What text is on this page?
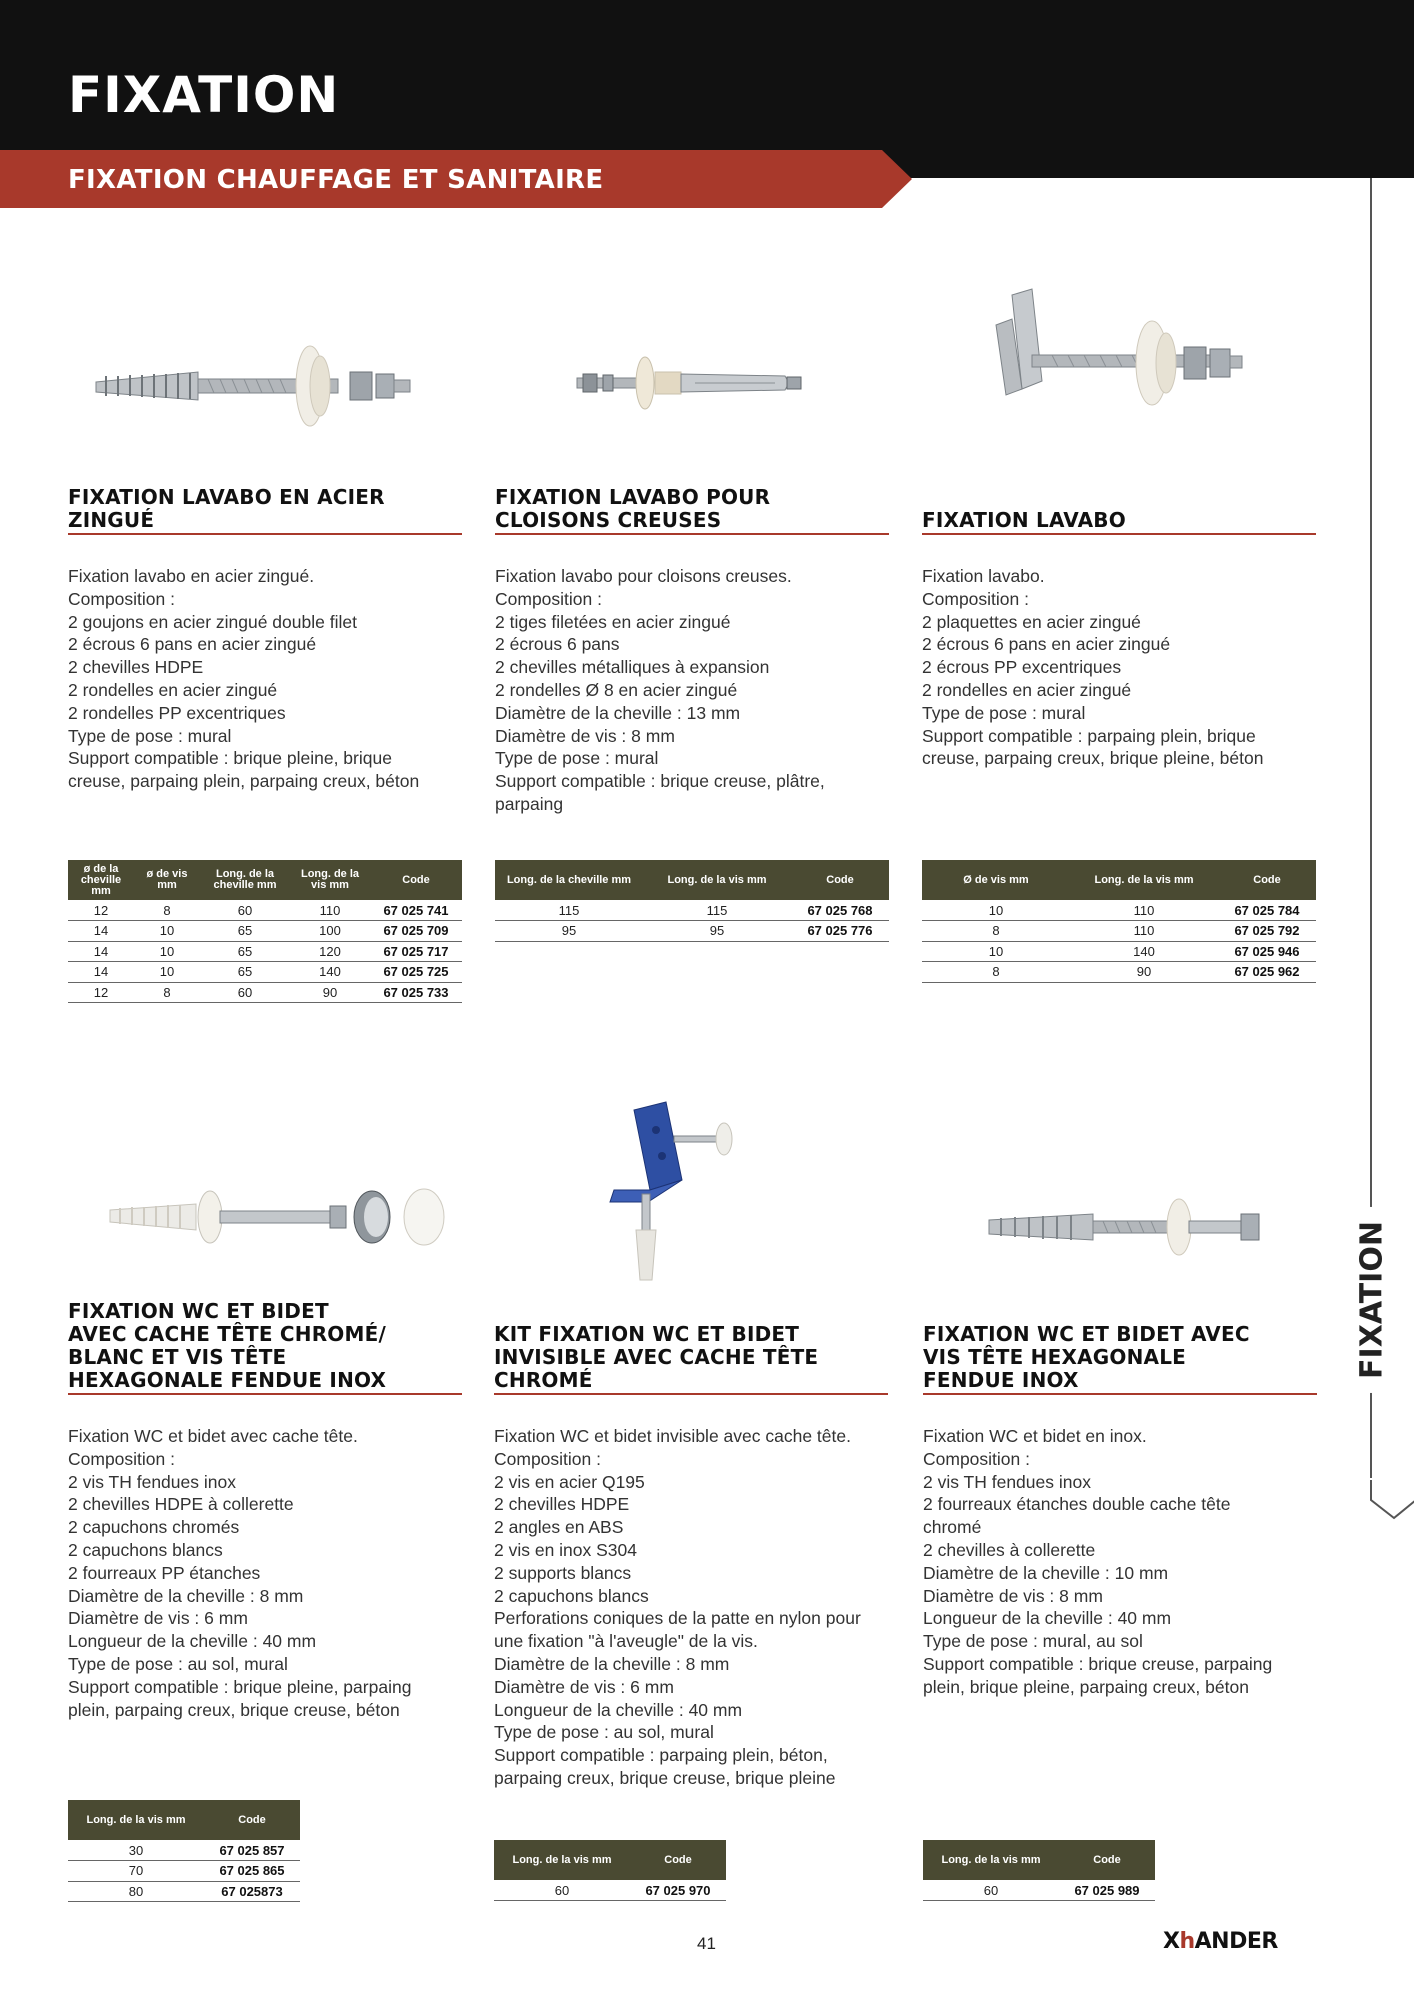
FIXATION
FIXATION CHAUFFAGE ET SANITAIRE
FIXATION
FIXATION LAVABO EN ACIER
ZINGUÉ
Fixation lavabo en acier zingué.
Composition :
2 goujons en acier zingué double filet
2 écrous 6 pans en acier zingué
2 chevilles HDPE
2 rondelles en acier zingué
2 rondelles PP excentriques
Type de pose : mural
Support compatible : brique pleine, brique
creuse, parpaing plein, parpaing creux, béton
ø de la cheville mm	ø de vis mm	Long. de la cheville mm	Long. de la vis mm	Code
12	8	60	110	67 025 741
14	10	65	100	67 025 709
14	10	65	120	67 025 717
14	10	65	140	67 025 725
12	8	60	90	67 025 733
FIXATION LAVABO POUR
CLOISONS CREUSES
Fixation lavabo pour cloisons creuses.
Composition :
2 tiges filetées en acier zingué
2 écrous 6 pans
2 chevilles métalliques à expansion
2 rondelles Ø 8 en acier zingué
Diamètre de la cheville : 13 mm
Diamètre de vis : 8 mm
Type de pose : mural
Support compatible : brique creuse, plâtre,
parpaing
Long. de la cheville mm	Long. de la vis mm	Code
115	115	67 025 768
95	95	67 025 776
FIXATION LAVABO
Fixation lavabo.
Composition :
2 plaquettes en acier zingué
2 écrous 6 pans en acier zingué
2 écrous PP excentriques
2 rondelles en acier zingué
Type de pose : mural
Support compatible : parpaing plein, brique
creuse, parpaing creux, brique pleine, béton
Ø de vis mm	Long. de la vis mm	Code
10	110	67 025 784
8	110	67 025 792
10	140	67 025 946
8	90	67 025 962
FIXATION WC ET BIDET
AVEC CACHE TÊTE CHROMÉ/
BLANC ET VIS TÊTE
HEXAGONALE FENDUE INOX
Fixation WC et bidet avec cache tête.
Composition :
2 vis TH fendues inox
2 chevilles HDPE à collerette
2 capuchons chromés
2 capuchons blancs
2 fourreaux PP étanches
Diamètre de la cheville : 8 mm
Diamètre de vis : 6 mm
Longueur de la cheville : 40 mm
Type de pose : au sol, mural
Support compatible : brique pleine, parpaing
plein, parpaing creux, brique creuse, béton
Long. de la vis mm	Code
30	67 025 857
70	67 025 865
80	67 025873
KIT FIXATION WC ET BIDET
INVISIBLE AVEC CACHE TÊTE
CHROMÉ
Fixation WC et bidet invisible avec cache tête.
Composition :
2 vis en acier Q195
2 chevilles HDPE
2 angles en ABS
2 vis en inox S304
2 supports blancs
2 capuchons blancs
Perforations coniques de la patte en nylon pour
une fixation "à l'aveugle" de la vis.
Diamètre de la cheville : 8 mm
Diamètre de vis : 6 mm
Longueur de la cheville : 40 mm
Type de pose : au sol, mural
Support compatible : parpaing plein, béton,
parpaing creux, brique creuse, brique pleine
Long. de la vis mm	Code
60	67 025 970
FIXATION WC ET BIDET AVEC
VIS TÊTE HEXAGONALE
FENDUE INOX
Fixation WC et bidet en inox.
Composition :
2 vis TH fendues inox
2 fourreaux étanches double cache tête
chromé
2 chevilles à collerette
Diamètre de la cheville : 10 mm
Diamètre de vis : 8 mm
Longueur de la cheville : 40 mm
Type de pose : mural, au sol
Support compatible : brique creuse, parpaing
plein, brique pleine, parpaing creux, béton
Long. de la vis mm	Code
60	67 025 989
41	XhANDER
